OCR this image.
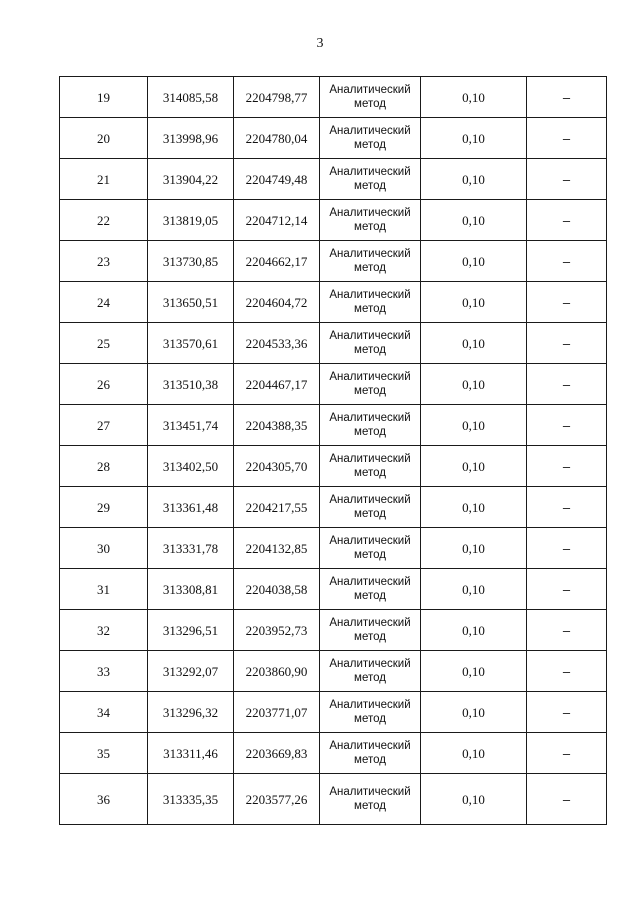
3
19	314085,58	2204798,77	Аналитический метод	0,10	–
20	313998,96	2204780,04	Аналитический метод	0,10	–
21	313904,22	2204749,48	Аналитический метод	0,10	–
22	313819,05	2204712,14	Аналитический метод	0,10	–
23	313730,85	2204662,17	Аналитический метод	0,10	–
24	313650,51	2204604,72	Аналитический метод	0,10	–
25	313570,61	2204533,36	Аналитический метод	0,10	–
26	313510,38	2204467,17	Аналитический метод	0,10	–
27	313451,74	2204388,35	Аналитический метод	0,10	–
28	313402,50	2204305,70	Аналитический метод	0,10	–
29	313361,48	2204217,55	Аналитический метод	0,10	–
30	313331,78	2204132,85	Аналитический метод	0,10	–
31	313308,81	2204038,58	Аналитический метод	0,10	–
32	313296,51	2203952,73	Аналитический метод	0,10	–
33	313292,07	2203860,90	Аналитический метод	0,10	–
34	313296,32	2203771,07	Аналитический метод	0,10	–
35	313311,46	2203669,83	Аналитический метод	0,10	–
36	313335,35	2203577,26	Аналитический метод	0,10	–
